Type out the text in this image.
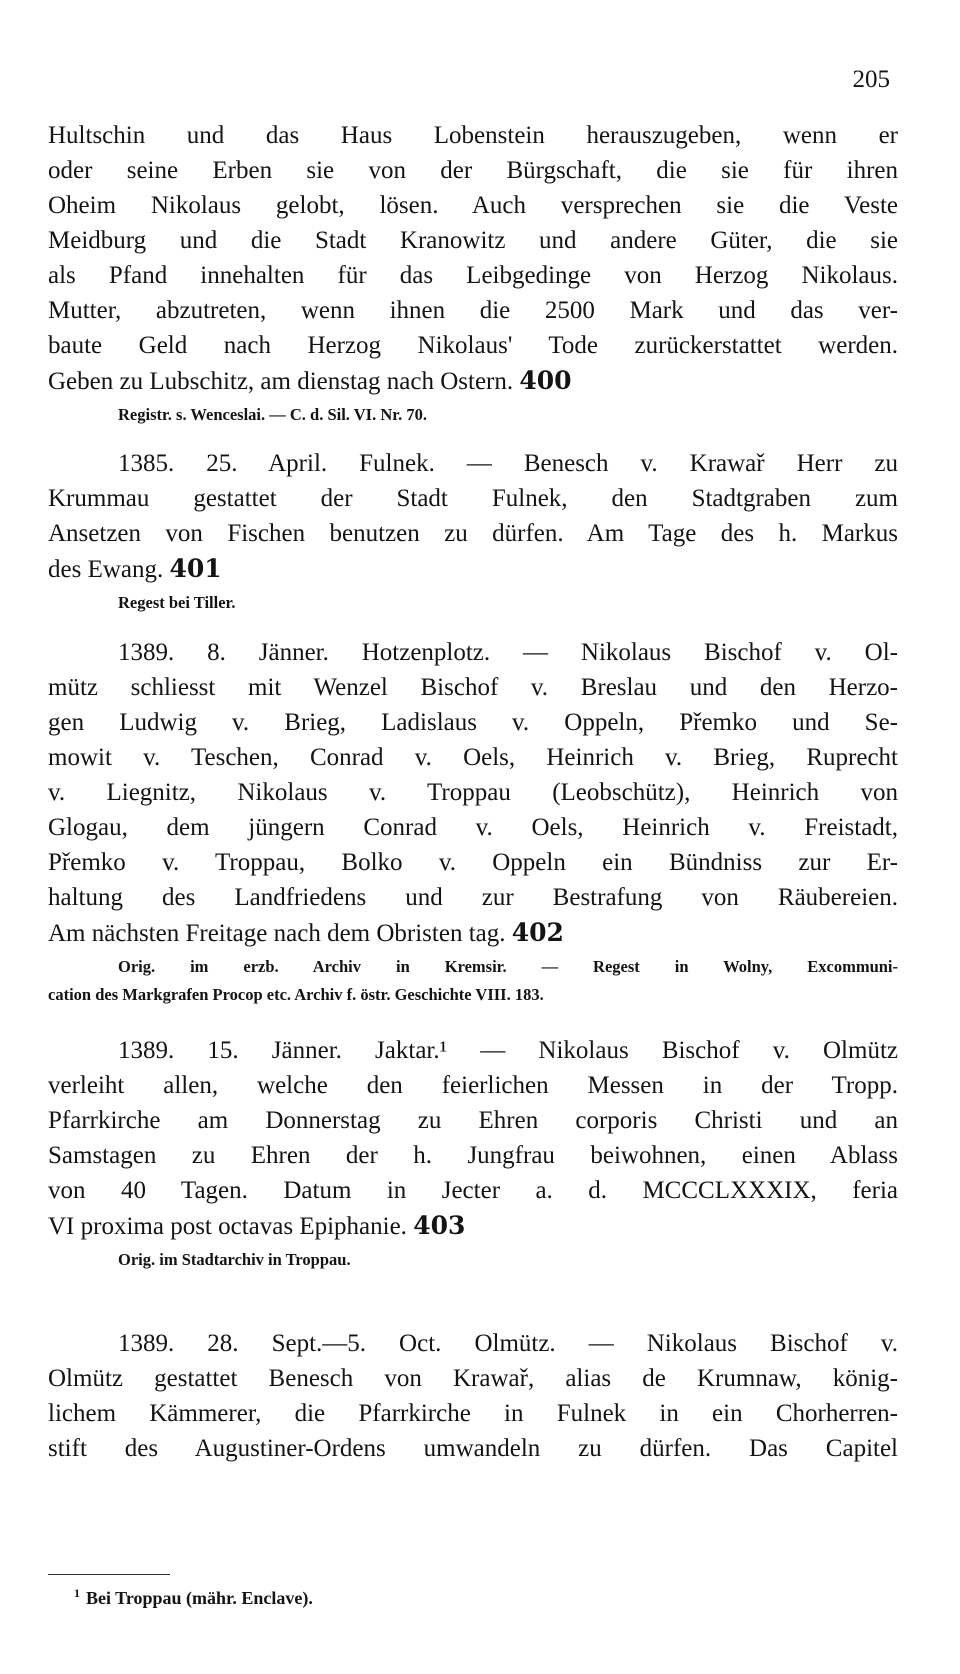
205
Hultschin und das Haus Lobenstein herauszugeben, wenn er
oder seine Erben sie von der Bürgschaft, die sie für ihren
Oheim Nikolaus gelobt, lösen. Auch versprechen sie die Veste
Meidburg und die Stadt Kranowitz und andere Güter, die sie
als Pfand innehalten für das Leibgedinge von Herzog Nikolaus.
Mutter, abzutreten, wenn ihnen die 2500 Mark und das ver-
baute Geld nach Herzog Nikolaus' Tode zurückerstattet werden.
Geben zu Lubschitz, am dienstag nach Ostern. 400
Registr. s. Wenceslai. — C. d. Sil. VI. Nr. 70.
1385. 25. April. Fulnek. — Benesch v. Krawař Herr zu
Krummau gestattet der Stadt Fulnek, den Stadtgraben zum
Ansetzen von Fischen benutzen zu dürfen. Am Tage des h. Markus
des Ewang. 401
Regest bei Tiller.
1389. 8. Jänner. Hotzenplotz. — Nikolaus Bischof v. Ol-
mütz schliesst mit Wenzel Bischof v. Breslau und den Herzo-
gen Ludwig v. Brieg, Ladislaus v. Oppeln, Přemko und Se-
mowit v. Teschen, Conrad v. Oels, Heinrich v. Brieg, Ruprecht
v. Liegnitz, Nikolaus v. Troppau (Leobschütz), Heinrich von
Glogau, dem jüngern Conrad v. Oels, Heinrich v. Freistadt,
Přemko v. Troppau, Bolko v. Oppeln ein Bündniss zur Er-
haltung des Landfriedens und zur Bestrafung von Räubereien.
Am nächsten Freitage nach dem Obristen tag. 402
Orig. im erzb. Archiv in Kremsir. — Regest in Wolny, Excommuni-
cation des Markgrafen Procop etc. Archiv f. östr. Geschichte VIII. 183.
1389. 15. Jänner. Jaktar.¹ — Nikolaus Bischof v. Olmütz
verleiht allen, welche den feierlichen Messen in der Tropp.
Pfarrkirche am Donnerstag zu Ehren corporis Christi und an
Samstagen zu Ehren der h. Jungfrau beiwohnen, einen Ablass
von 40 Tagen. Datum in Jecter a. d. MCCCLXXXIX, feria
VI proxima post octavas Epiphanie. 403
Orig. im Stadtarchiv in Troppau.
1389. 28. Sept.—5. Oct. Olmütz. — Nikolaus Bischof v.
Olmütz gestattet Benesch von Krawař, alias de Krumnaw, könig-
lichem Kämmerer, die Pfarrkirche in Fulnek in ein Chorherren-
stift des Augustiner-Ordens umwandeln zu dürfen. Das Capitel
$^1$ Bei Troppau (mähr. Enclave).
